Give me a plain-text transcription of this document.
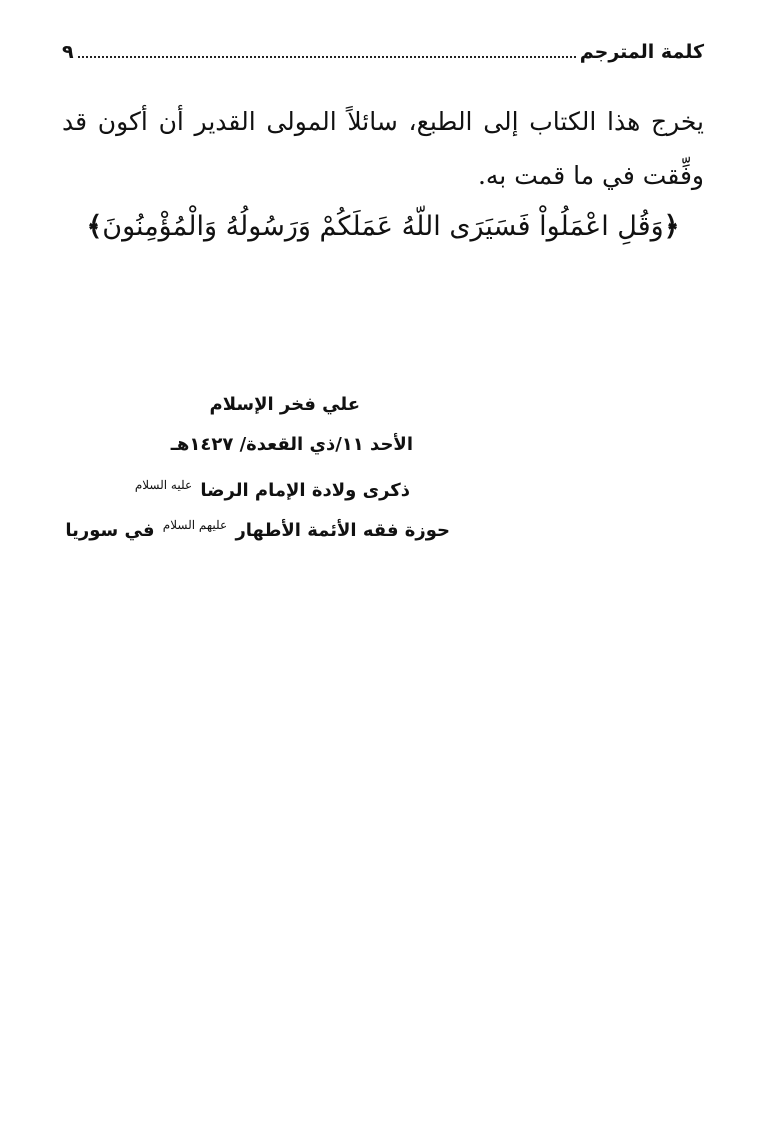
كلمة المترجم
٩

يخرج هذا الكتاب إلى الطبع، سائلاً المولى القدير أن أكون قد وفِّقت في ما قمت به.

﴿وَقُلِ اعْمَلُواْ فَسَيَرَى اللّهُ عَمَلَكُمْ وَرَسُولُهُ وَالْمُؤْمِنُونَ﴾
علي فخر الإسلام
الأحد ١١/ذي القعدة/ ١٤٢٧هـ
ذكرى ولادة الإمام الرضا $^{عليه السلام}$
حوزة فقه الأئمة الأطهار $^{عليهم السلام}$ في سوريا
